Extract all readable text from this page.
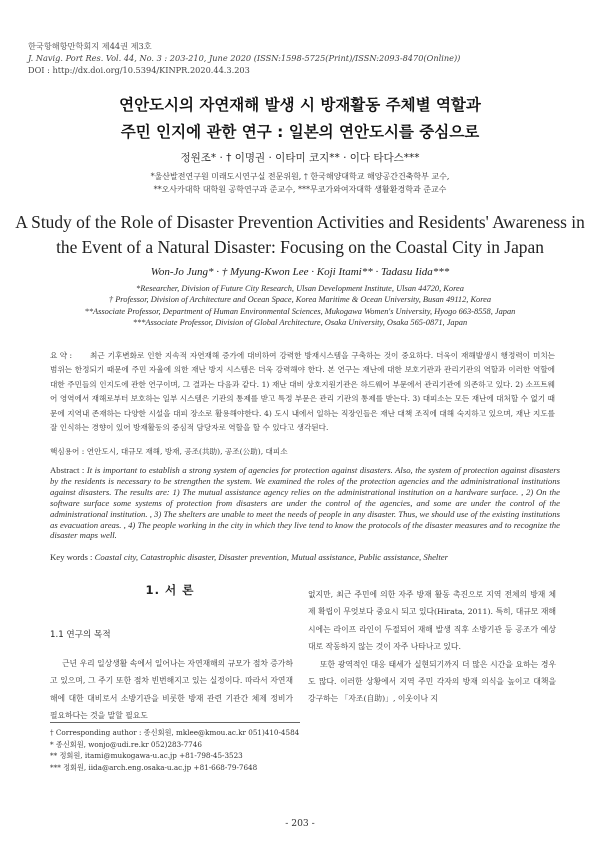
한국항해항만학회지 제44권 제3호
J. Navig. Port Res. Vol. 44, No. 3 : 203-210, June 2020 (ISSN:1598-5725(Print)/ISSN:2093-8470(Online))
DOI : http://dx.doi.org/10.5394/KINPR.2020.44.3.203
연안도시의 자연재해 발생 시 방재활동 주체별 역할과
주민 인지에 관한 연구 : 일본의 연안도시를 중심으로
정원조* · † 이명권 · 이타미 코지** · 이다 타다스***
*울산발전연구원 미래도시연구실 전문위원, † 한국해양대학교 해양공간건축학부 교수,
**오사카대학 대학원 공학연구과 준교수, ***무코가와여자대학 생활환경학과 준교수
A Study of the Role of Disaster Prevention Activities and Residents' Awareness in
the Event of a Natural Disaster: Focusing on the Coastal City in Japan
Won-Jo Jung* · † Myung-Kwon Lee · Koji Itami** · Tadasu Iida***
*Researcher, Division of Future City Research, Ulsan Development Institute, Ulsan 44720, Korea
† Professor, Division of Architecture and Ocean Space, Korea Maritime & Ocean University, Busan 49112, Korea
**Associate Professor, Department of Human Environmental Sciences, Mukogawa Women's University, Hyogo 663-8558, Japan
***Associate Professor, Division of Global Architecture, Osaka University, Osaka 565-0871, Japan
요 약 : 최근 기후변화로 인한 지속적 자연재해 증가에 대비하여 강력한 방재시스템을 구축하는 것이 중요하다. 더욱이 재해발생시 행정력이 미치는 범위는 한정되기 때문에 주민 자율에 의한 재난 방지 시스템은 더욱 강력해야 한다. 본 연구는 재난에 대한 보호기관과 관리기관의 역할과 이러한 역할에 대한 주민들의 인지도에 관한 연구이며, 그 결과는 다음과 같다. 1) 재난 대비 상호지원기관은 하드웨어 부문에서 관리기관에 의존하고 있다. 2) 소프트웨어 영역에서 재해로부터 보호하는 일부 시스템은 기관의 통제를 받고 특정 부문은 관리 기관의 통제를 받는다. 3) 대피소는 모든 재난에 대처할 수 없기 때문에 지역내 존재하는 다양한 시설을 대피 장소로 활용해야한다. 4) 도시 내에서 일하는 직장인들은 재난 대책 조직에 대해 숙지하고 있으며, 재난 지도를 잘 인식하는 경향이 있어 방재활동의 중심적 담당자로 역할을 할 수 있다고 생각된다.
핵심용어 : 연안도시, 대규모 재해, 방재, 공조(共助), 공조(公助), 대피소
Abstract : It is important to establish a strong system of agencies for protection against disasters. Also, the system of protection against disasters by the residents is necessary to be strengthen the system. We examined the roles of the protection agencies and the administrational institutions against disasters. The results are: 1) The mutual assistance agency relies on the administrational institution on a hardware surface. , 2) On the software surface some systems of protection from disasters are under the control of the agencies, and some are under the control of the administrational institution. , 3) The shelters are unable to meet the needs of people in any disaster. Thus, we should use of the existing institutions as evacuation areas. , 4) The people working in the city in which they live tend to know the protocols of the disaster measures and to recognize the disaster maps well.
Key words : Coastal city, Catastrophic disaster, Disaster prevention, Mutual assistance, Public assistance, Shelter
1. 서 론
1.1 연구의 목적

근년 우리 일상생활 속에서 일어나는 자연재해의 규모가 점차 증가하고 있으며, 그 주기 또한 점차 빈번해지고 있는 실정이다. 따라서 자연재해에 대한 대비로서 소방기관을 비롯한 방재 관련 기관간 체제 정비가 필요하다는 것을 말할 필요도

없지만, 최근 주민에 의한 자주 방재 활동 촉진으로 지역 전체의 방재 체제 확립이 무엇보다 중요시 되고 있다(Hirata, 2011). 특히, 대규모 재해 시에는 라이프 라인이 두절되어 재해 발생 직후 소방기관 등 공조가 예상대로 작동하지 않는 것이 자주 나타나고 있다.

또한 광역적인 대응 태세가 실현되기까지 더 많은 시간을 요하는 경우도 많다. 이러한 상황에서 지역 주민 각자의 방재 의식을 높이고 대책을 강구하는 「자조(自助)」, 이웃이나 지

† Corresponding author : 종신회원, mklee@kmou.ac.kr 051)410-4584
* 종신회원, wonjo@udi.re.kr 052)283-7746
** 정회원, itami@mukogawa-u.ac.jp +81-798-45-3523
*** 정회원, iida@arch.eng.osaka-u.ac.jp +81-668-79-7648
- 203 -
